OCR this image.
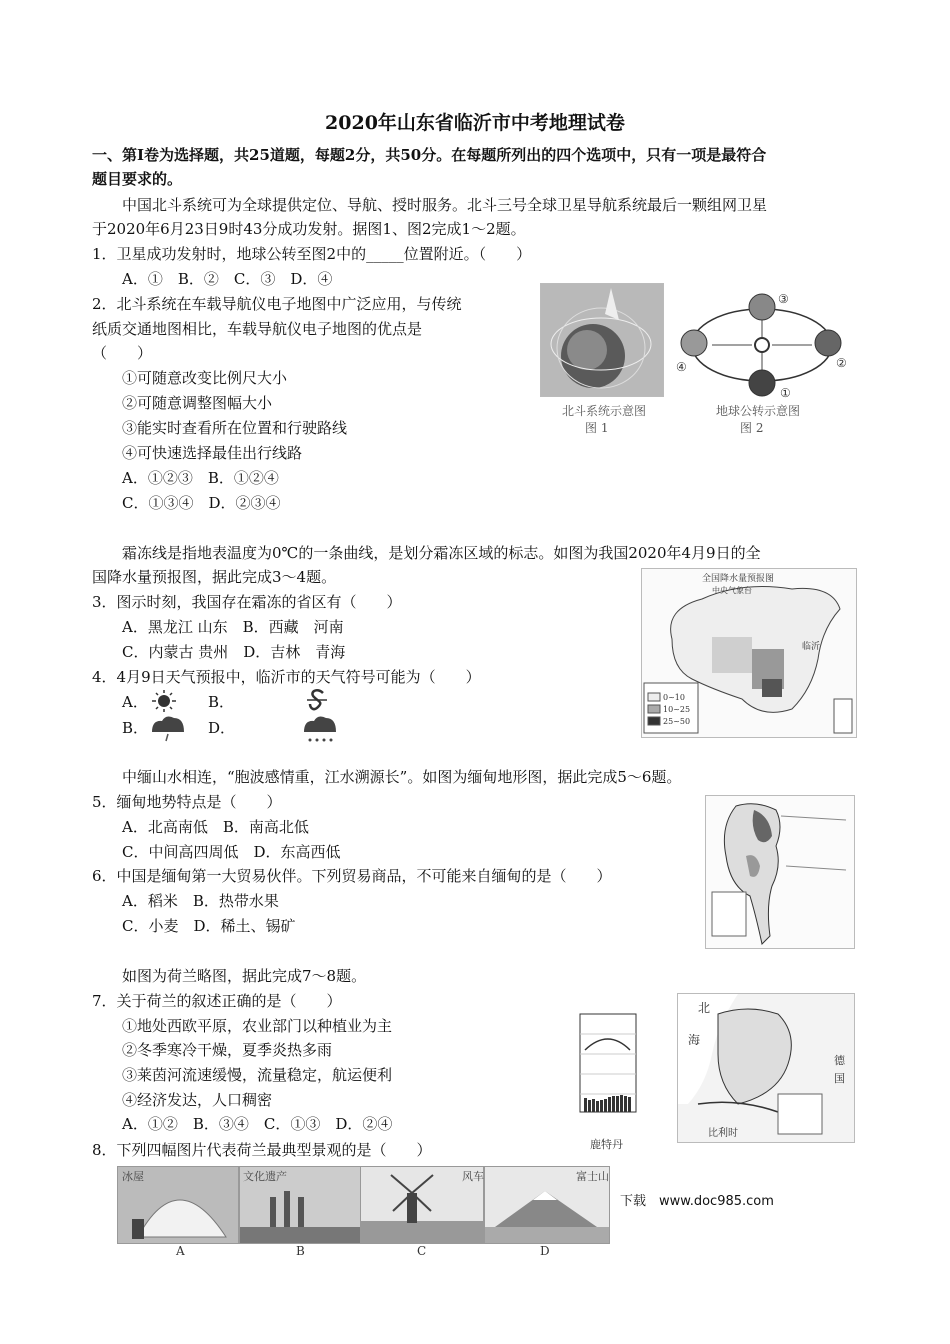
2020年山东省临沂市中考地理试卷
一、第Ⅰ卷为选择题，共25道题，每题2分，共50分。在每题所列出的四个选项中，只有一项是最符合
题目要求的。
中国北斗系统可为全球提供定位、导航、授时服务。北斗三号全球卫星导航系统最后一颗组网卫星
于2020年6月23日9时43分成功发射。据图1、图2完成1～2题。
1．卫星成功发射时，地球公转至图2中的_____位置附近。（　　）
A．①　B．②　C．③　D．④
2．北斗系统在车载导航仪电子地图中广泛应用，与传统
纸质交通地图相比，车载导航仪电子地图的优点是
（　　）
①可随意改变比例尺大小
②可随意调整图幅大小
③能实时查看所在位置和行驶路线
④可快速选择最佳出行线路
A．①②③　B．①②④
C．①③④　D．②③④
北斗系统示意图
图 1
③
②
①
④
地球公转示意图
图 2
霜冻线是指地表温度为0℃的一条曲线，是划分霜冻区域的标志。如图为我国2020年4月9日的全
国降水量预报图，据此完成3～4题。
3．图示时刻，我国存在霜冻的省区有（　　）
A．黑龙江 山东　B．西藏　河南
C．内蒙古 贵州　D．吉林　青海
4．4月9日天气预报中，临沂市的天气符号可能为（　　）
A．	B．
B．	D．
0~10
10~25
25~50
全国降水量预报图
中央气象台
临沂
中缅山水相连，“胞波感情重，江水溯源长”。如图为缅甸地形图，据此完成5～6题。
5．缅甸地势特点是（　　）
A．北高南低　B．南高北低
C．中间高四周低　D．东高西低
6．中国是缅甸第一大贸易伙伴。下列贸易商品，不可能来自缅甸的是（　　）
A．稻米　B．热带水果
C．小麦　D．稀土、锡矿
如图为荷兰略图，据此完成7～8题。
7．关于荷兰的叙述正确的是（　　）
①地处西欧平原，农业部门以种植业为主
②冬季寒冷干燥，夏季炎热多雨
③莱茵河流速缓慢，流量稳定，航运便利
④经济发达，人口稠密
A．①②　B．③④　C．①③　D．②④
鹿特丹
北
海
德
国
比利时
8．下列四幅图片代表荷兰最典型景观的是（　　）
冰屋	文化遗产	风车	富士山
A	B	C	D
下载　www.doc985.com
